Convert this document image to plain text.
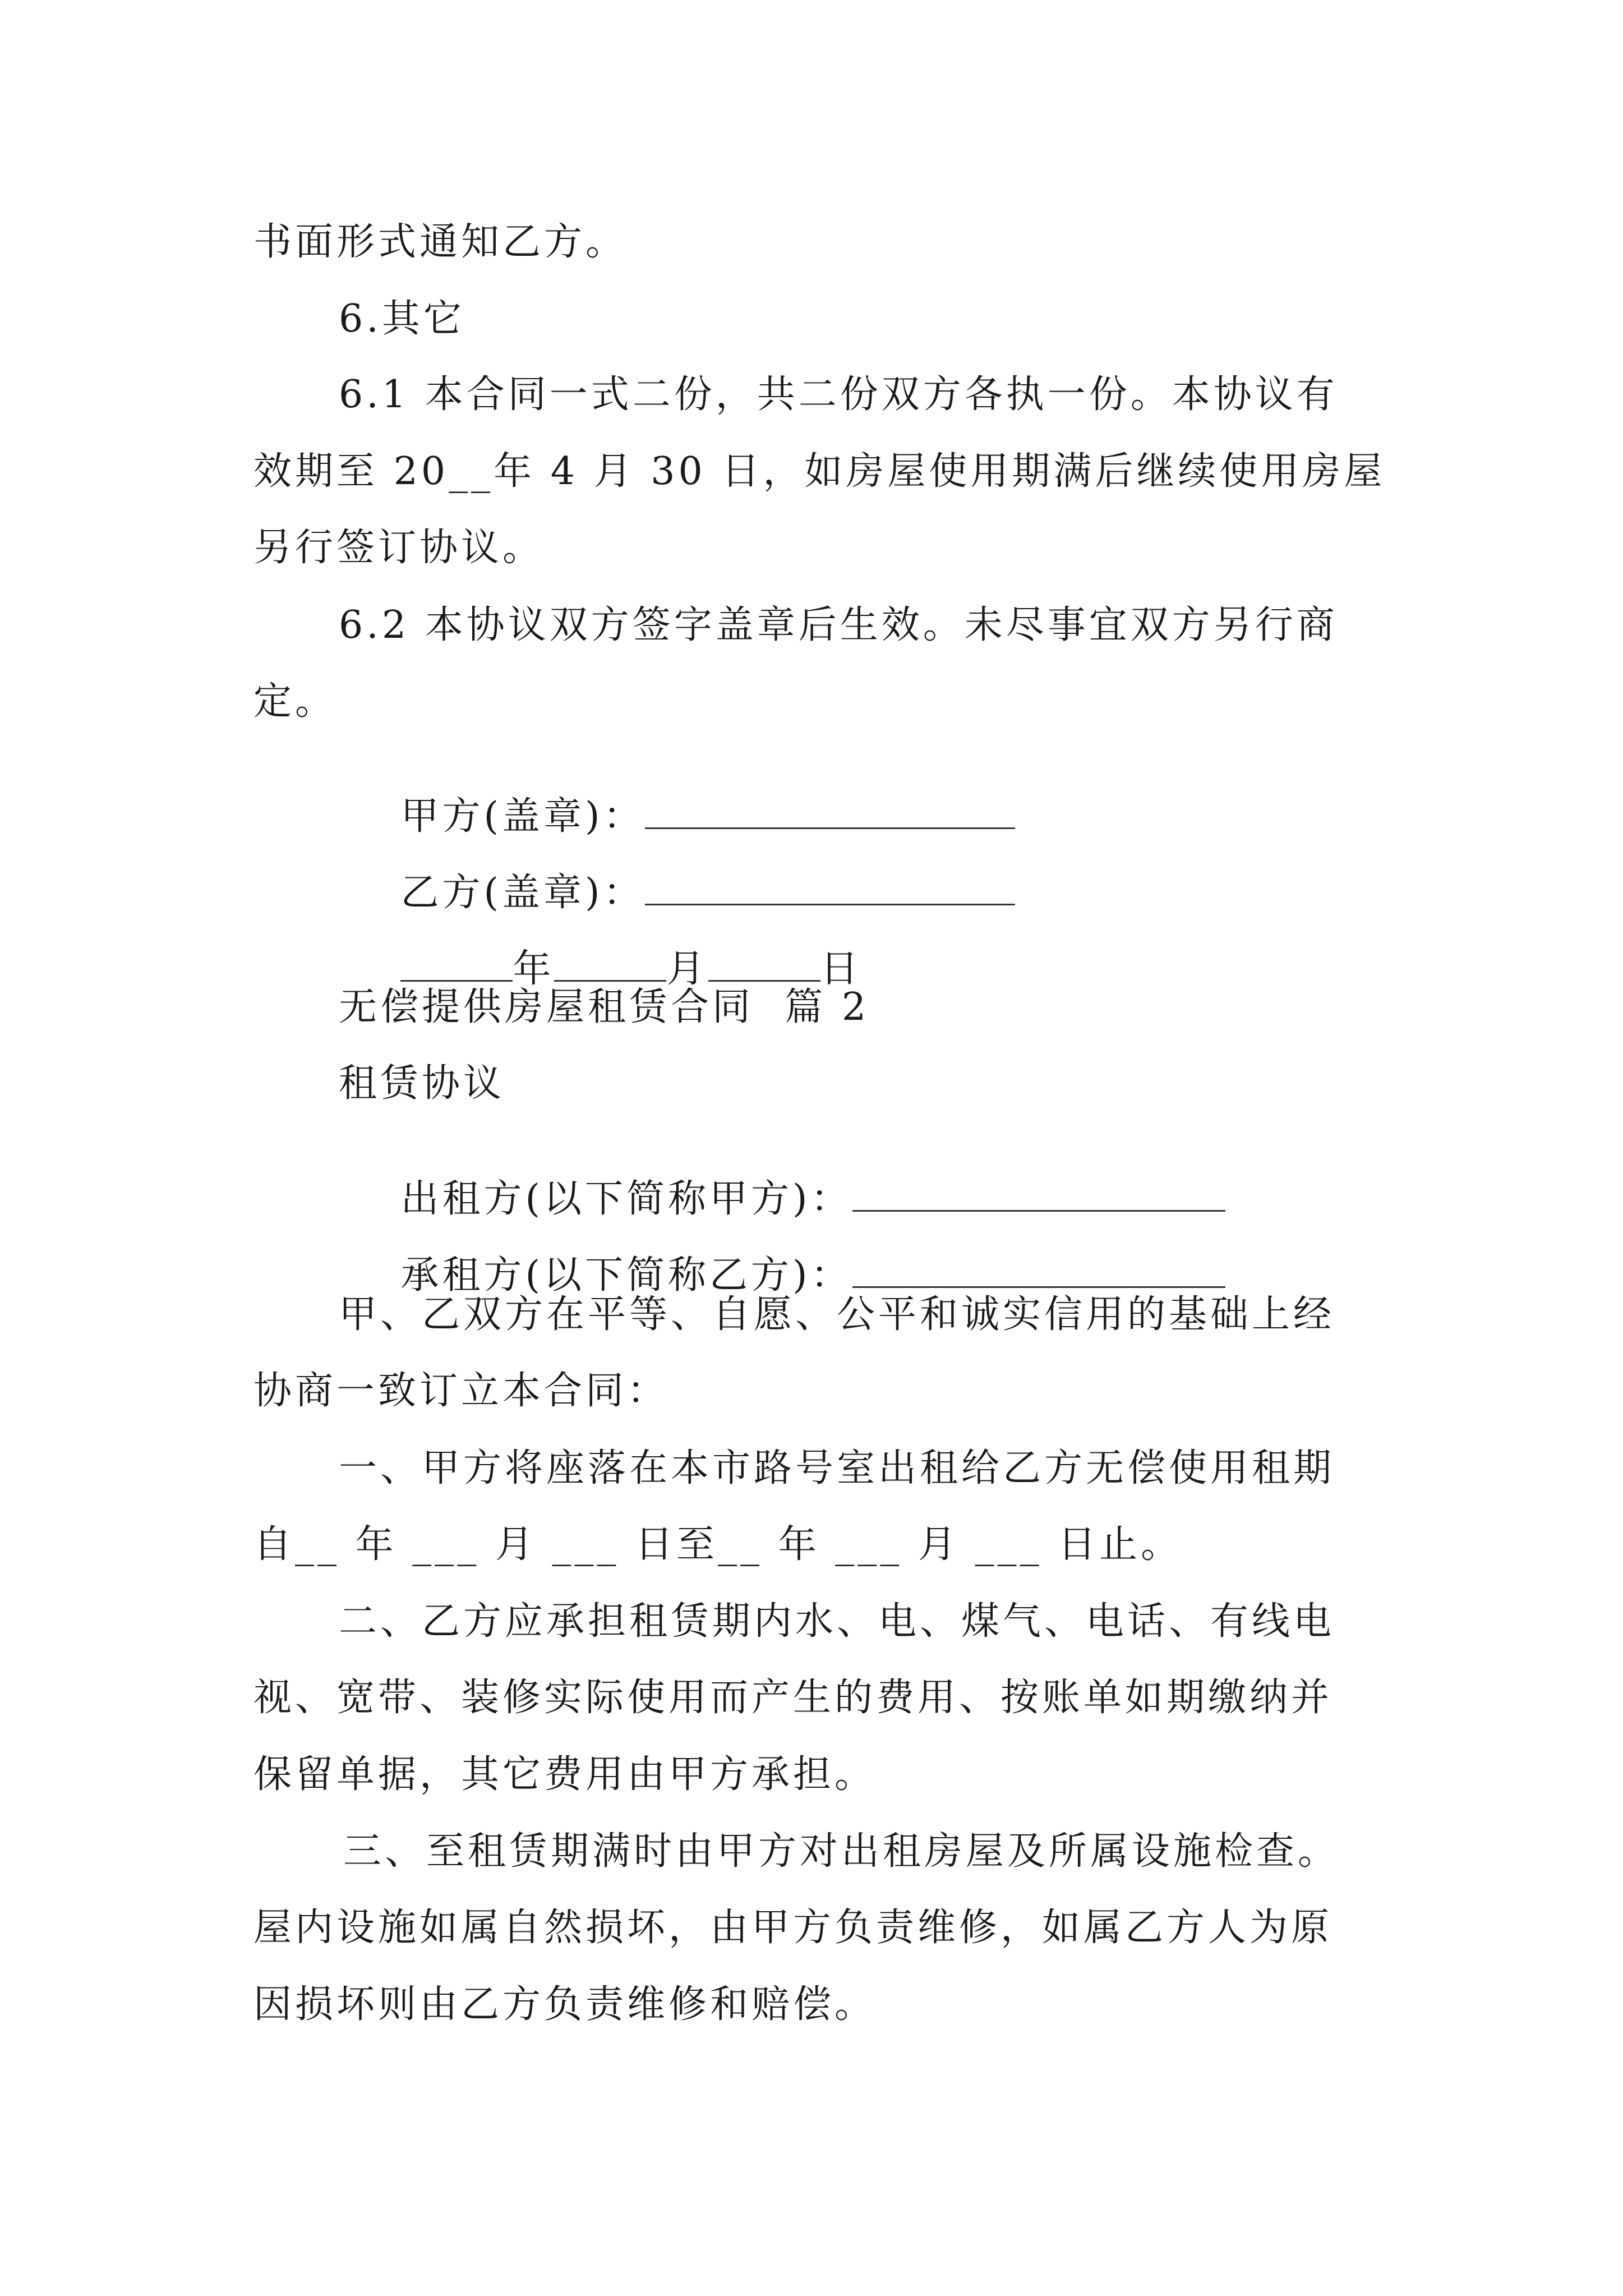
书面形式通知乙方。
6.其它
6.1 本合同一式二份，共二份双方各执一份。本协议有
效期至 20__年 4 月 30 日，如房屋使用期满后继续使用房屋
另行签订协议。
6.2 本协议双方签字盖章后生效。未尽事宜双方另行商
定。

甲方(盖章)：

乙方(盖章)：

年	月	日

无偿提供房屋租赁合同  篇 2
租赁协议

出租方(以下简称甲方)：

承租方(以下简称乙方)：

甲、乙双方在平等、自愿、公平和诚实信用的基础上经
协商一致订立本合同：
一、甲方将座落在本市路号室出租给乙方无偿使用租期
自__ 年 ___ 月 ___ 日至__ 年 ___ 月 ___ 日止。
二、乙方应承担租赁期内水、电、煤气、电话、有线电
视、宽带、装修实际使用而产生的费用、按账单如期缴纳并
保留单据，其它费用由甲方承担。
三、至租赁期满时由甲方对出租房屋及所属设施检查。
屋内设施如属自然损坏，由甲方负责维修，如属乙方人为原
因损坏则由乙方负责维修和赔偿。
